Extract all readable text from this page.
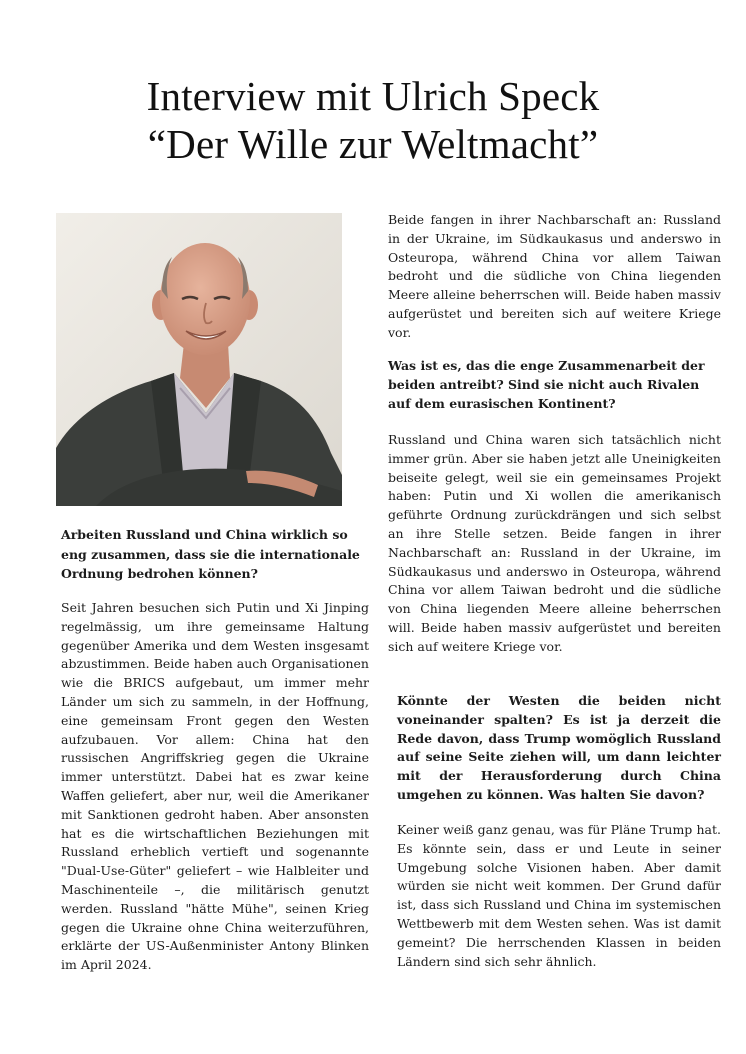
Interview mit Ulrich Speck
“Der Wille zur Weltmacht”
Arbeiten Russland und China wirklich so eng zusammen, dass sie die internationale Ordnung bedrohen können?
Seit Jahren besuchen sich Putin und Xi Jinping regelmässig, um ihre gemeinsame Haltung gegenüber Amerika und dem Westen insgesamt abzustimmen. Beide haben auch Organisationen wie die BRICS aufgebaut, um immer mehr Länder um sich zu sammeln, in der Hoffnung, eine gemeinsam Front gegen den Westen aufzubauen. Vor allem: China hat den russischen Angriffskrieg gegen die Ukraine immer unterstützt. Dabei hat es zwar keine Waffen geliefert, aber nur, weil die Amerikaner mit Sanktionen gedroht haben. Aber ansonsten hat es die wirtschaftlichen Beziehungen mit Russland erheblich vertieft und sogenannte "Dual-Use-Güter" geliefert – wie Halbleiter und Maschinenteile –, die militärisch genutzt werden. Russland "hätte Mühe", seinen Krieg gegen die Ukraine ohne China weiterzuführen, erklärte der US-Außenminister Antony Blinken im April 2024.
Beide fangen in ihrer Nachbarschaft an: Russland in der Ukraine, im Südkaukasus und anderswo in Osteuropa, während China vor allem Taiwan bedroht und die südliche von China liegenden Meere alleine beherrschen will. Beide haben massiv aufgerüstet und bereiten sich auf weitere Kriege vor.
Was ist es, das die enge Zusammenarbeit der beiden antreibt? Sind sie nicht auch Rivalen auf dem eurasischen Kontinent?
Russland und China waren sich tatsächlich nicht immer grün. Aber sie haben jetzt alle Uneinigkeiten beiseite gelegt, weil sie ein gemeinsames Projekt haben: Putin und Xi wollen die amerikanisch geführte Ordnung zurückdrängen und sich selbst an ihre Stelle setzen. Beide fangen in ihrer Nachbarschaft an: Russland in der Ukraine, im Südkaukasus und anderswo in Osteuropa, während China vor allem Taiwan bedroht und die südliche von China liegenden Meere alleine beherrschen will. Beide haben massiv aufgerüstet und bereiten sich auf weitere Kriege vor.
Könnte der Westen die beiden nicht voneinander spalten? Es ist ja derzeit die Rede davon, dass Trump womöglich Russland auf seine Seite ziehen will, um dann leichter mit der Herausforderung durch China umgehen zu können. Was halten Sie davon?
Keiner weiß ganz genau, was für Pläne Trump hat. Es könnte sein, dass er und Leute in seiner Umgebung solche Visionen haben. Aber damit würden sie nicht weit kommen. Der Grund dafür ist, dass sich Russland und China im systemischen Wettbewerb mit dem Westen sehen. Was ist damit gemeint? Die herrschenden Klassen in beiden Ländern sind sich sehr ähnlich.
